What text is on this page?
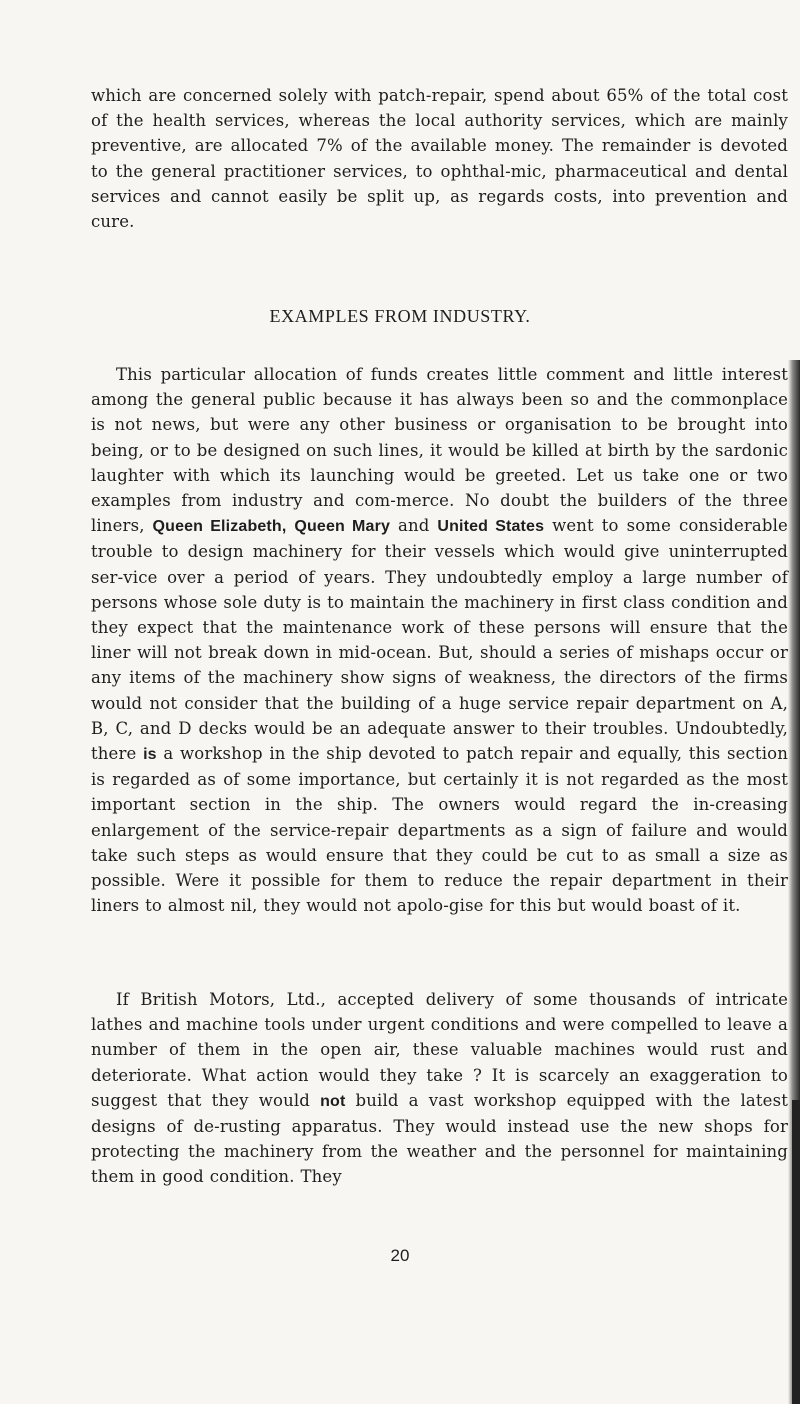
which are concerned solely with patch-repair, spend about 65% of the total cost of the health services, whereas the local authority services, which are mainly preventive, are allocated 7% of the available money. The remainder is devoted to the general practitioner services, to ophthal-mic, pharmaceutical and dental services and cannot easily be split up, as regards costs, into prevention and cure.

EXAMPLES FROM INDUSTRY.

This particular allocation of funds creates little comment and little interest among the general public because it has always been so and the commonplace is not news, but were any other business or organisation to be brought into being, or to be designed on such lines, it would be killed at birth by the sardonic laughter with which its launching would be greeted. Let us take one or two examples from industry and com-merce. No doubt the builders of the three liners, Queen Elizabeth, Queen Mary and United States went to some considerable trouble to design machinery for their vessels which would give uninterrupted ser-vice over a period of years. They undoubtedly employ a large number of persons whose sole duty is to maintain the machinery in first class condition and they expect that the maintenance work of these persons will ensure that the liner will not break down in mid-ocean. But, should a series of mishaps occur or any items of the machinery show signs of weakness, the directors of the firms would not consider that the building of a huge service repair department on A, B, C, and D decks would be an adequate answer to their troubles. Undoubtedly, there is a workshop in the ship devoted to patch repair and equally, this section is regarded as of some importance, but certainly it is not regarded as the most important section in the ship. The owners would regard the in-creasing enlargement of the service-repair departments as a sign of failure and would take such steps as would ensure that they could be cut to as small a size as possible. Were it possible for them to reduce the repair department in their liners to almost nil, they would not apolo-gise for this but would boast of it.

If British Motors, Ltd., accepted delivery of some thousands of intricate lathes and machine tools under urgent conditions and were compelled to leave a number of them in the open air, these valuable machines would rust and deteriorate. What action would they take ? It is scarcely an exaggeration to suggest that they would not build a vast workshop equipped with the latest designs of de-rusting apparatus. They would instead use the new shops for protecting the machinery from the weather and the personnel for maintaining them in good condition. They

20
